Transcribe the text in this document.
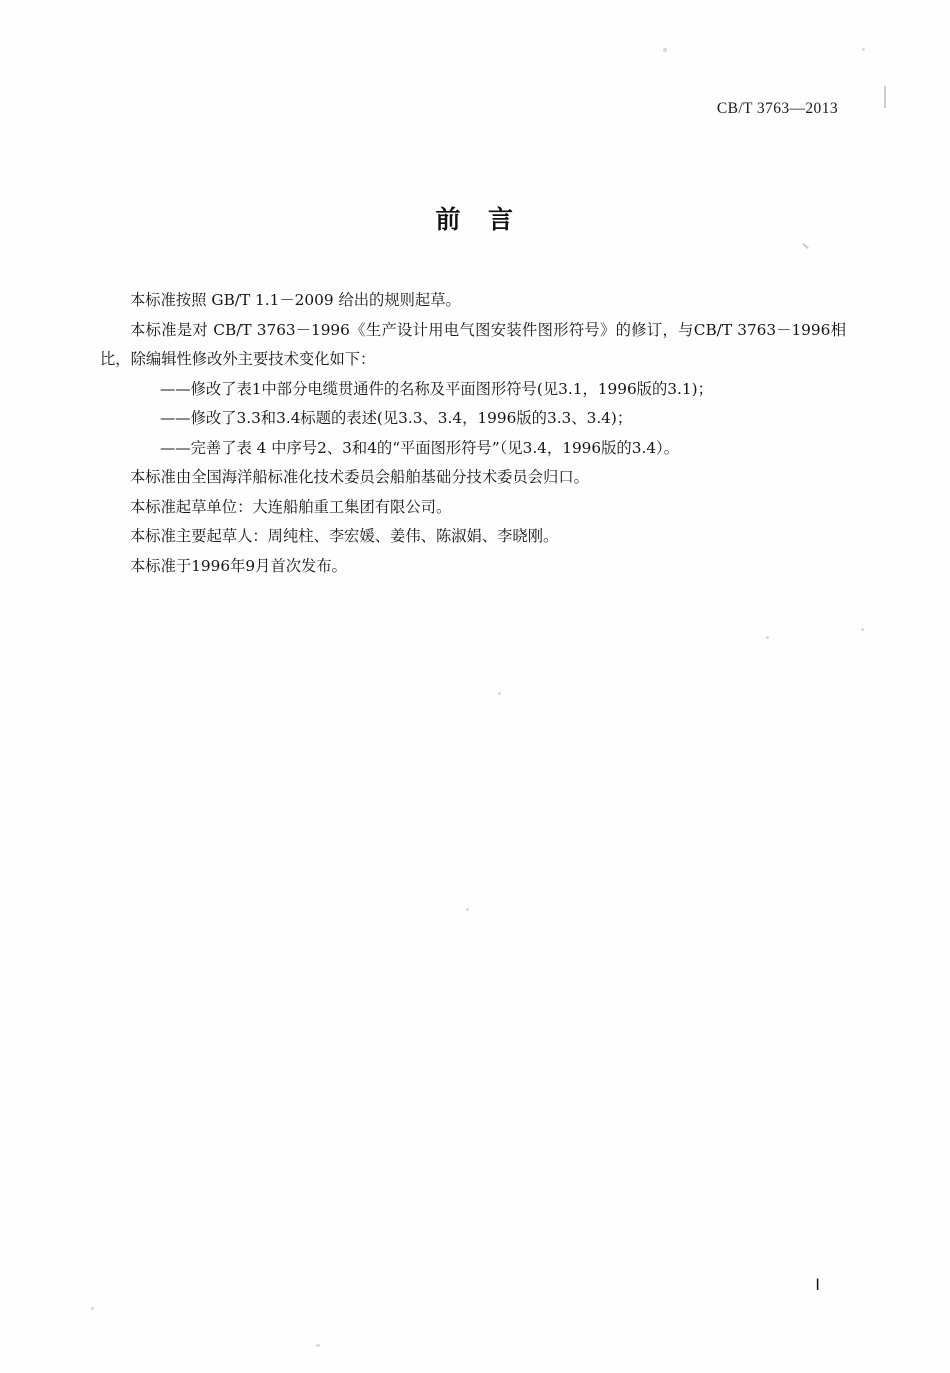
CB/T 3763—2013
前 言

本标准按照 GB/T 1.1－2009 给出的规则起草。

本标准是对 CB/T 3763－1996《生产设计用电气图安装件图形符号》的修订，与CB/T 3763－1996相比，除编辑性修改外主要技术变化如下：

——修改了表1中部分电缆贯通件的名称及平面图形符号(见3.1，1996版的3.1)；

——修改了3.3和3.4标题的表述(见3.3、3.4，1996版的3.3、3.4)；

——完善了表 4 中序号2、3和4的“平面图形符号”（见3.4，1996版的3.4）。

本标准由全国海洋船标准化技术委员会船舶基础分技术委员会归口。

本标准起草单位：大连船舶重工集团有限公司。

本标准主要起草人：周纯柱、李宏媛、姜伟、陈淑娟、李晓刚。

本标准于1996年9月首次发布。

Ⅰ
